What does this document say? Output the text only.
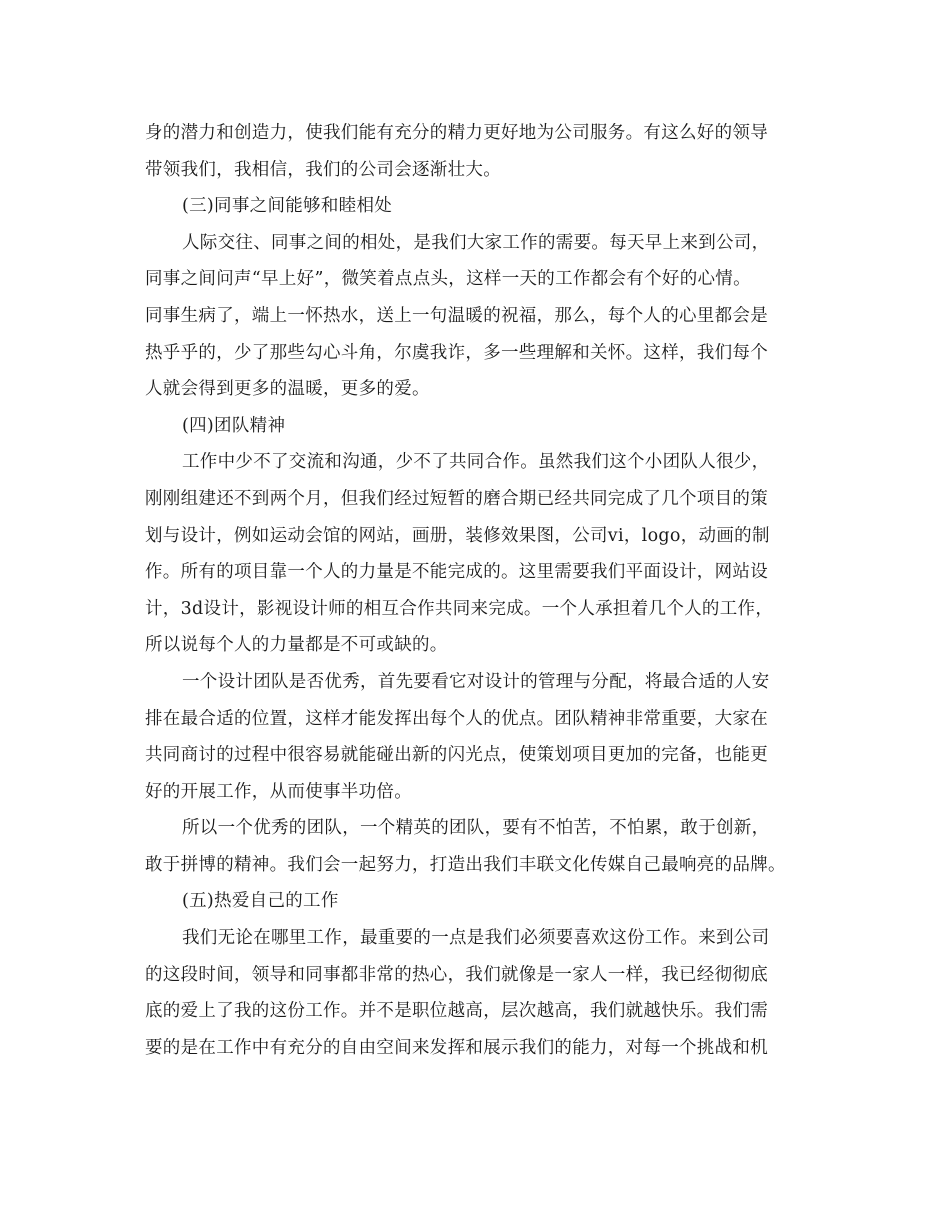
身的潜力和创造力，使我们能有充分的精力更好地为公司服务。有这么好的领导
带领我们，我相信，我们的公司会逐渐壮大。
(三)同事之间能够和睦相处
人际交往、同事之间的相处，是我们大家工作的需要。每天早上来到公司，
同事之间问声“早上好”，微笑着点点头，这样一天的工作都会有个好的心情。
同事生病了，端上一怀热水，送上一句温暖的祝福，那么，每个人的心里都会是
热乎乎的，少了那些勾心斗角，尔虞我诈，多一些理解和关怀。这样，我们每个
人就会得到更多的温暖，更多的爱。
(四)团队精神
工作中少不了交流和沟通，少不了共同合作。虽然我们这个小团队人很少，
刚刚组建还不到两个月，但我们经过短暂的磨合期已经共同完成了几个项目的策
划与设计，例如运动会馆的网站，画册，装修效果图，公司vi，logo，动画的制
作。所有的项目靠一个人的力量是不能完成的。这里需要我们平面设计，网站设
计，3d设计，影视设计师的相互合作共同来完成。一个人承担着几个人的工作，
所以说每个人的力量都是不可或缺的。
一个设计团队是否优秀，首先要看它对设计的管理与分配，将最合适的人安
排在最合适的位置，这样才能发挥出每个人的优点。团队精神非常重要，大家在
共同商讨的过程中很容易就能碰出新的闪光点，使策划项目更加的完备，也能更
好的开展工作，从而使事半功倍。
所以一个优秀的团队，一个精英的团队，要有不怕苦，不怕累，敢于创新，
敢于拼博的精神。我们会一起努力，打造出我们丰联文化传媒自己最响亮的品牌。
(五)热爱自己的工作
我们无论在哪里工作，最重要的一点是我们必须要喜欢这份工作。来到公司
的这段时间，领导和同事都非常的热心，我们就像是一家人一样，我已经彻彻底
底的爱上了我的这份工作。并不是职位越高，层次越高，我们就越快乐。我们需
要的是在工作中有充分的自由空间来发挥和展示我们的能力，对每一个挑战和机
